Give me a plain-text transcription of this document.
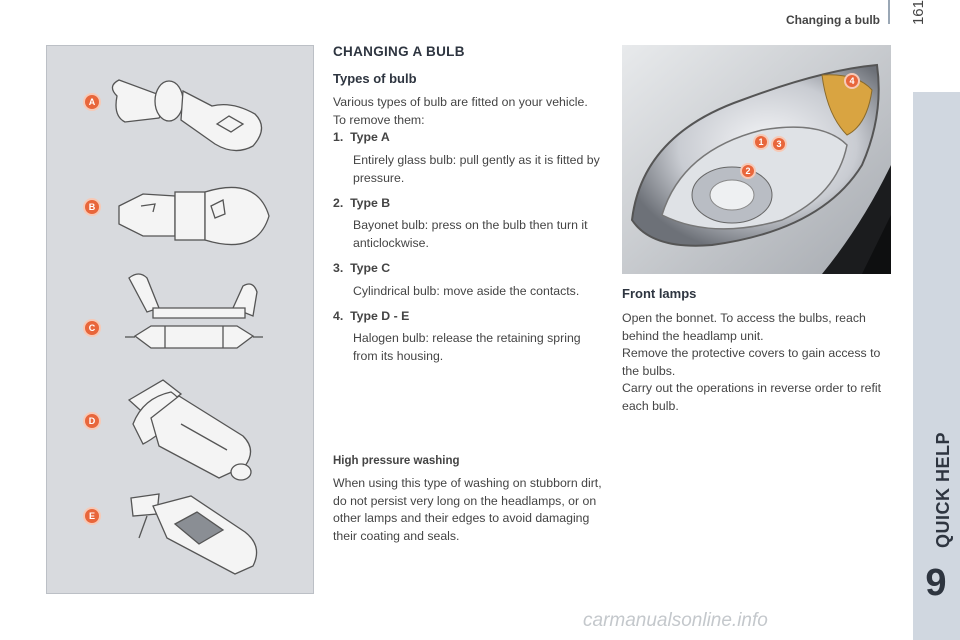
Changing a bulb 161
QUICK HELP
9
A
B
C
D
E
CHANGING A BULB
Types of bulb

Various types of bulb are fitted on your vehicle.

To remove them:

1.  Type A
Entirely glass bulb: pull gently as it is fitted by pressure.
2.  Type B
Bayonet bulb: press on the bulb then turn it anticlockwise.
3.  Type C
Cylindrical bulb: move aside the contacts.
4.  Type D - E
Halogen bulb: release the retaining spring from its housing.
High pressure washing

When using this type of washing on stubborn dirt, do not persist very long on the headlamps, or on other lamps and their edges to avoid damaging their coating and seals.

4
1	3
2
Front lamps

Open the bonnet. To access the bulbs, reach behind the headlamp unit.

Remove the protective covers to gain access to the bulbs.

Carry out the operations in reverse order to refit each bulb.

carmanualsonline.info
